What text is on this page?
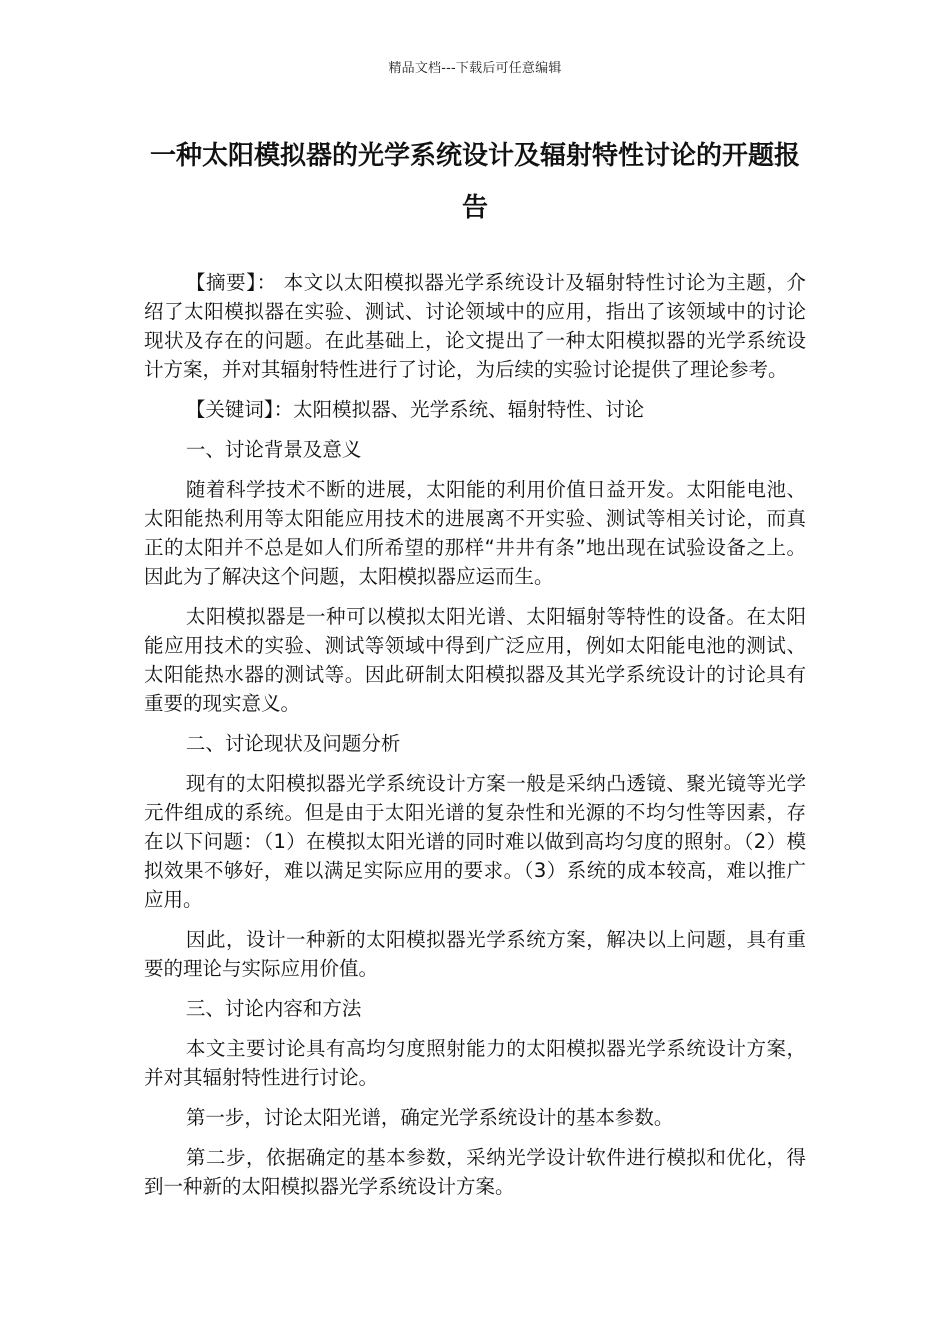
精品文档---下载后可任意编辑
一种太阳模拟器的光学系统设计及辐射特性讨论的开题报告

【摘要】： 本文以太阳模拟器光学系统设计及辐射特性讨论为主题，介绍了太阳模拟器在实验、测试、讨论领域中的应用，指出了该领域中的讨论现状及存在的问题。在此基础上，论文提出了一种太阳模拟器的光学系统设计方案，并对其辐射特性进行了讨论，为后续的实验讨论提供了理论参考。

【关键词】：太阳模拟器、光学系统、辐射特性、讨论

一、讨论背景及意义

随着科学技术不断的进展，太阳能的利用价值日益开发。太阳能电池、太阳能热利用等太阳能应用技术的进展离不开实验、测试等相关讨论，而真正的太阳并不总是如人们所希望的那样“井井有条”地出现在试验设备之上。因此为了解决这个问题，太阳模拟器应运而生。

太阳模拟器是一种可以模拟太阳光谱、太阳辐射等特性的设备。在太阳能应用技术的实验、测试等领域中得到广泛应用，例如太阳能电池的测试、太阳能热水器的测试等。因此研制太阳模拟器及其光学系统设计的讨论具有重要的现实意义。

二、讨论现状及问题分析

现有的太阳模拟器光学系统设计方案一般是采纳凸透镜、聚光镜等光学元件组成的系统。但是由于太阳光谱的复杂性和光源的不均匀性等因素，存在以下问题：（1）在模拟太阳光谱的同时难以做到高均匀度的照射。（2）模拟效果不够好，难以满足实际应用的要求。（3）系统的成本较高，难以推广应用。

因此，设计一种新的太阳模拟器光学系统方案，解决以上问题，具有重要的理论与实际应用价值。

三、讨论内容和方法

本文主要讨论具有高均匀度照射能力的太阳模拟器光学系统设计方案，并对其辐射特性进行讨论。

第一步，讨论太阳光谱，确定光学系统设计的基本参数。

第二步，依据确定的基本参数，采纳光学设计软件进行模拟和优化，得到一种新的太阳模拟器光学系统设计方案。
